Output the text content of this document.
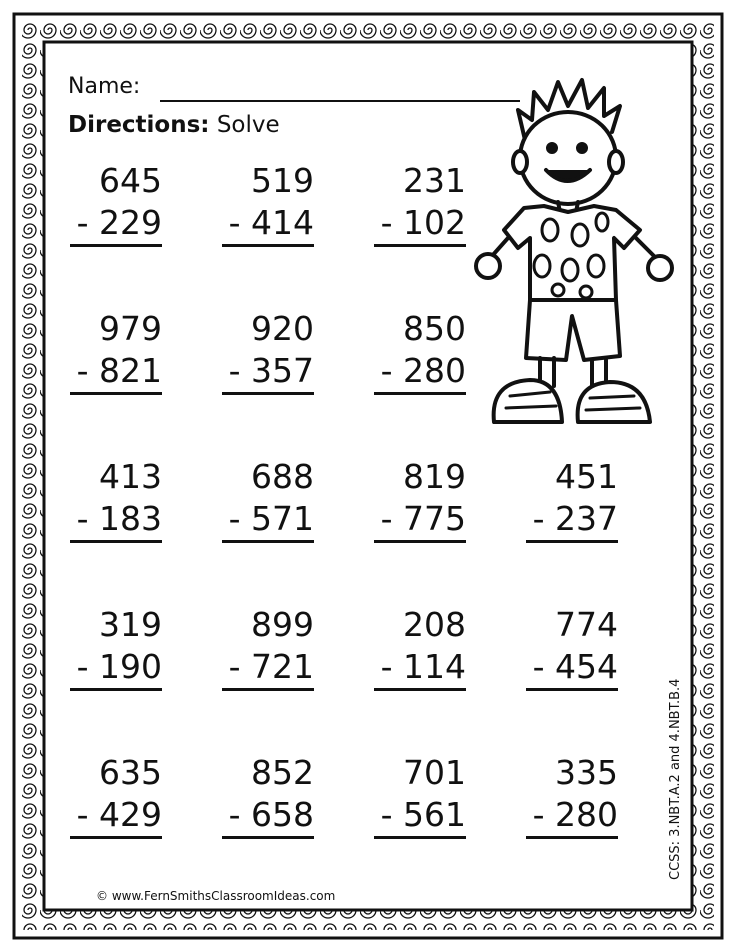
Name:
Directions: Solve
645
- 229
519
- 414
231
- 102
979
- 821
920
- 357
850
- 280
413
- 183
688
- 571
819
- 775
451
- 237
319
- 190
899
- 721
208
- 114
774
- 454
635
- 429
852
- 658
701
- 561
335
- 280
© www.FernSmithsClassroomIdeas.com
CCSS: 3.NBT.A.2 and 4.NBT.B.4
